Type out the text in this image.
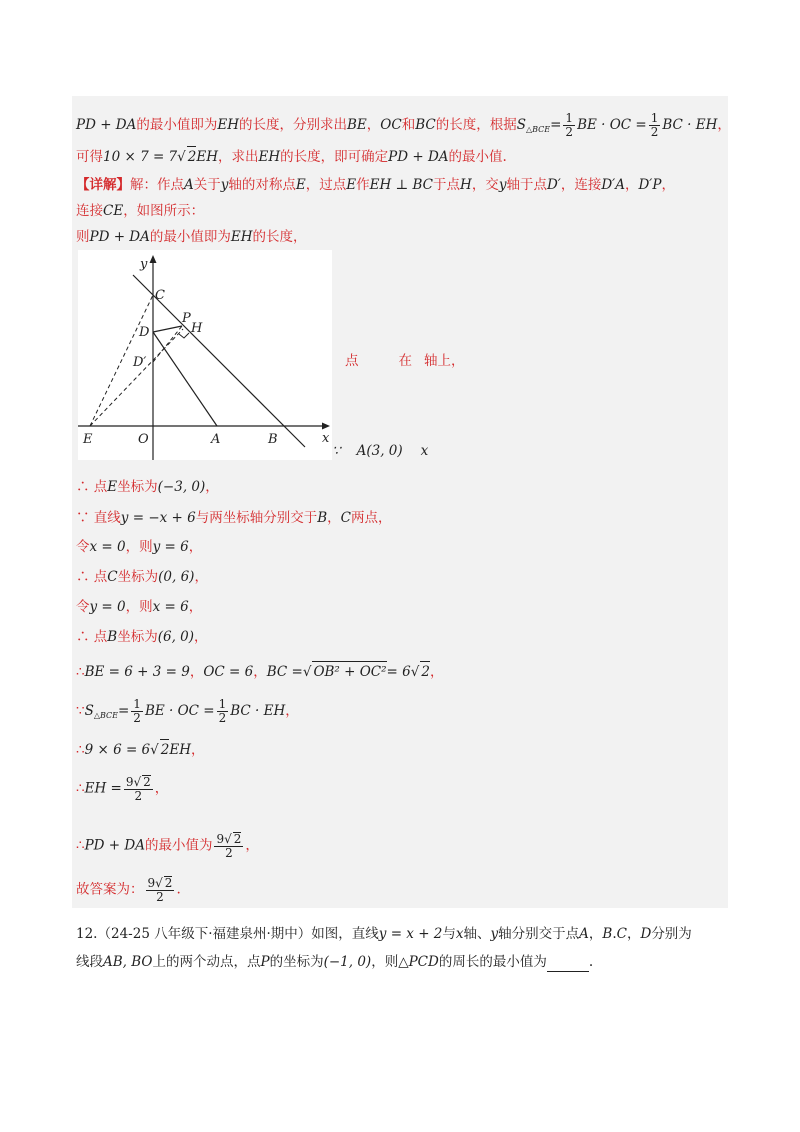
PD + DA的最小值即为EH的长度，分别求出BE，OC和BC的长度，根据$S_{\triangle BCE}= \frac{1}{2}$ BE · OC = $\frac{1}{2}$ BC · EH，
可得10 × 7 = 7√ 2EH，求出EH的长度，即可确定PD + DA的最小值.
【详解】解：作点A关于y轴的对称点E，过点E作EH ⊥ BC于点H，交y轴于点D′，连接D′A，D′P，
连接CE，如图所示：
则PD + DA的最小值即为EH的长度，
y
x
C
P
H
D
D′
E	O	A	B
点	在 轴上，
∵ A(3, 0) x
∴ 点E坐标为(−3, 0)，
∵ 直线y = −x + 6与两坐标轴分别交于B，C两点，
令x = 0，则y = 6，
∴ 点C坐标为(0, 6)，
令y = 0，则x = 6，
∴ 点B坐标为(6, 0)，
∴BE = 6 + 3 = 9，OC = 6，BC =√ OB² + OC²= 6√ 2，
$\because S_{\triangle BCE}= \frac{1}{2}$ BE · OC = $\frac{1}{2}$ BC · EH，
∴9 × 6 = 6√ 2EH，
∴EH = $\frac{9√ 2}{2}$ ，
∴PD + DA的最小值为 $\frac{9√ 2}{2}$ ，
故答案为： $\frac{9√ 2}{2}$ .
12.（24-25 八年级下·福建泉州·期中）如图，直线y = x + 2与x轴、y轴分别交于点A，B.C，D分别为
线段AB, BO上的两个动点，点P的坐标为(−1, 0)，则△PCD的周长的最小值为	.
